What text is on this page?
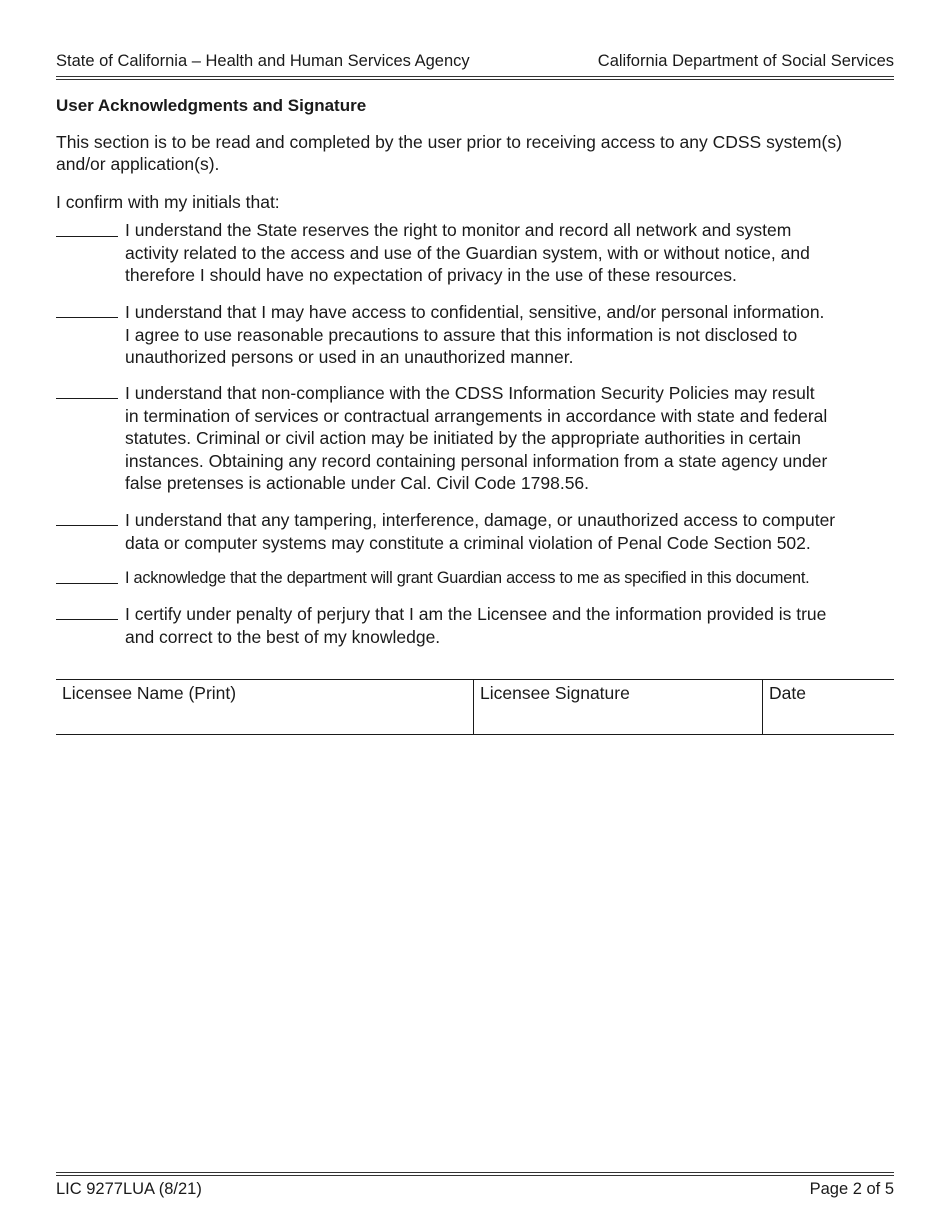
State of California – Health and Human Services Agency	California Department of Social Services
User Acknowledgments and Signature
This section is to be read and completed by the user prior to receiving access to any CDSS system(s) and/or application(s).
I confirm with my initials that:
I understand the State reserves the right to monitor and record all network and system
activity related to the access and use of the Guardian system, with or without notice, and
therefore I should have no expectation of privacy in the use of these resources.
I understand that I may have access to confidential, sensitive, and/or personal information.
I agree to use reasonable precautions to assure that this information is not disclosed to
unauthorized persons or used in an unauthorized manner.
I understand that non-compliance with the CDSS Information Security Policies may result
in termination of services or contractual arrangements in accordance with state and federal
statutes. Criminal or civil action may be initiated by the appropriate authorities in certain
instances. Obtaining any record containing personal information from a state agency under
false pretenses is actionable under Cal. Civil Code 1798.56.
I understand that any tampering, interference, damage, or unauthorized access to computer
data or computer systems may constitute a criminal violation of Penal Code Section 502.
I acknowledge that the department will grant Guardian access to me as specified in this document.
I certify under penalty of perjury that I am the Licensee and the information provided is true
and correct to the best of my knowledge.
Licensee Name (Print)	Licensee Signature	Date
LIC 9277LUA (8/21)	Page 2 of 5
